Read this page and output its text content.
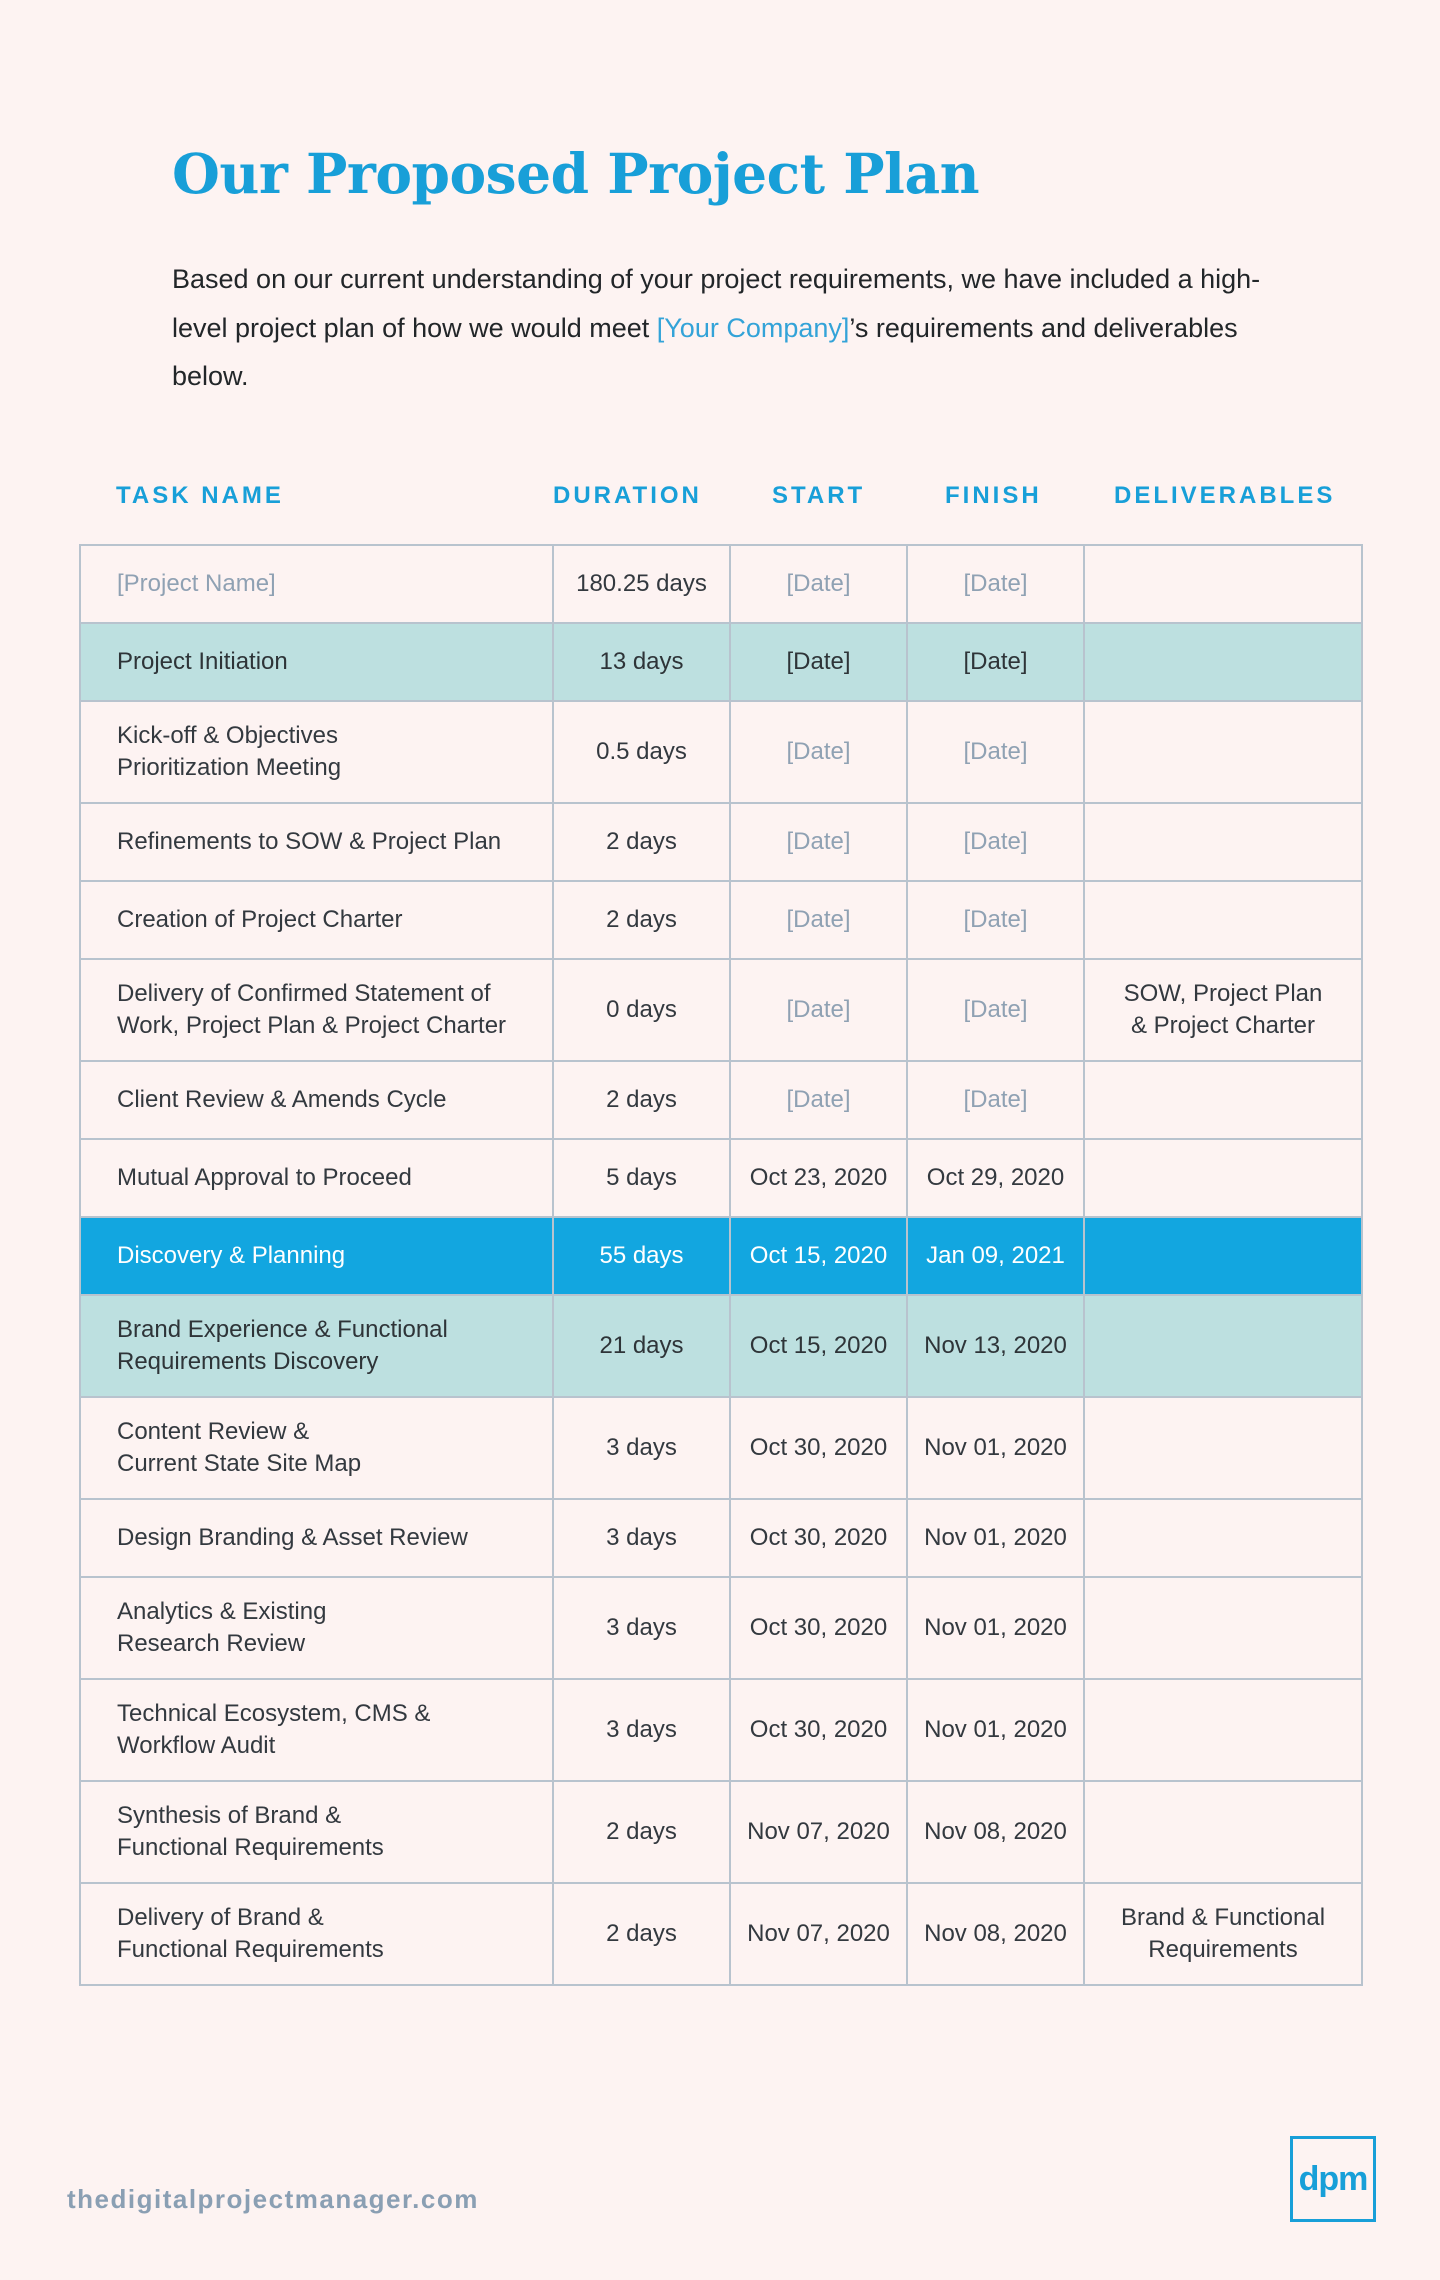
Our Proposed Project Plan

Based on our current understanding of your project requirements, we have included a high-level project plan of how we would meet [Your Company]’s requirements and deliverables below.

TASK NAME	DURATION	START	FINISH	DELIVERABLES
[Project Name]	180.25 days	[Date]	[Date]	
Project Initiation	13 days	[Date]	[Date]	
Kick-off & Objectives
Prioritization Meeting	0.5 days	[Date]	[Date]	
Refinements to SOW & Project Plan	2 days	[Date]	[Date]	
Creation of Project Charter	2 days	[Date]	[Date]	
Delivery of Confirmed Statement of
Work, Project Plan & Project Charter	0 days	[Date]	[Date]	SOW, Project Plan
& Project Charter
Client Review & Amends Cycle	2 days	[Date]	[Date]	
Mutual Approval to Proceed	5 days	Oct 23, 2020	Oct 29, 2020	
Discovery & Planning	55 days	Oct 15, 2020	Jan 09, 2021	
Brand Experience & Functional
Requirements Discovery	21 days	Oct 15, 2020	Nov 13, 2020	
Content Review &
Current State Site Map	3 days	Oct 30, 2020	Nov 01, 2020	
Design Branding & Asset Review	3 days	Oct 30, 2020	Nov 01, 2020	
Analytics & Existing
Research Review	3 days	Oct 30, 2020	Nov 01, 2020	
Technical Ecosystem, CMS &
Workflow Audit	3 days	Oct 30, 2020	Nov 01, 2020	
Synthesis of Brand &
Functional Requirements	2 days	Nov 07, 2020	Nov 08, 2020	
Delivery of Brand &
Functional Requirements	2 days	Nov 07, 2020	Nov 08, 2020	Brand & Functional
Requirements
thedigitalprojectmanager.com
dpm
